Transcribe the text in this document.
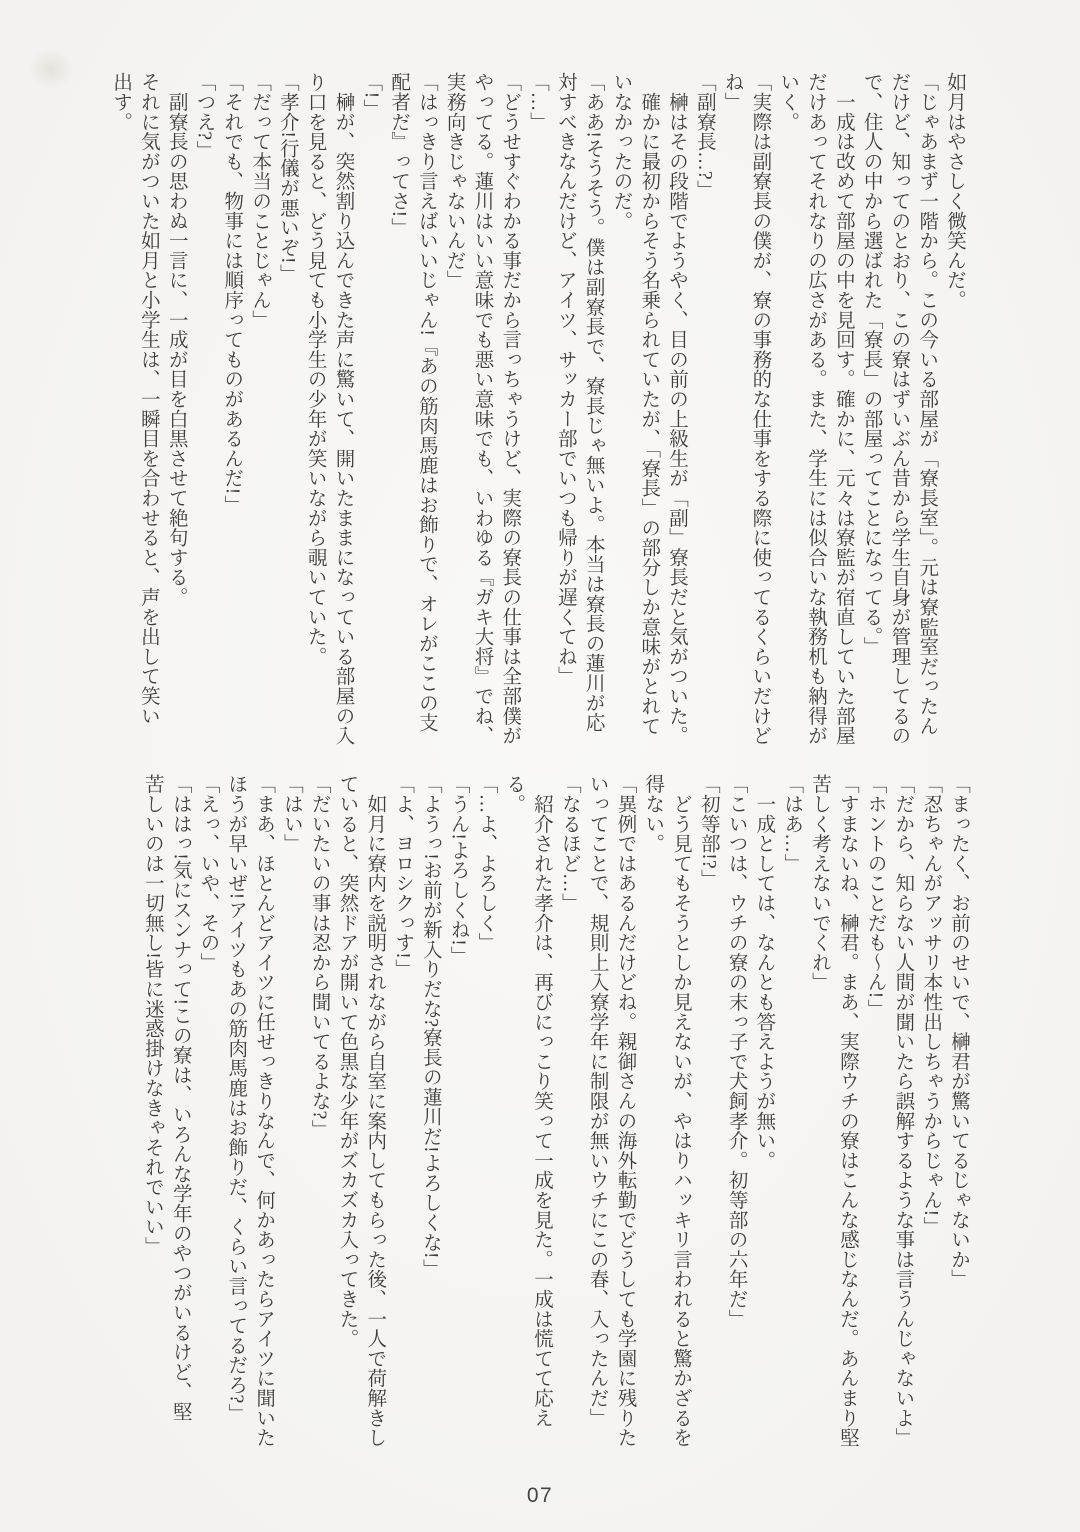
如月はやさしく微笑んだ。
「じゃあまず一階から。この今いる部屋が「寮長室」。元は寮監室だったん
だけど、知ってのとおり、この寮はずいぶん昔から学生自身が管理してるの
で、住人の中から選ばれた「寮長」の部屋ってことになってる。」
　一成は改めて部屋の中を見回す。確かに、元々は寮監が宿直していた部屋
だけあってそれなりの広さがある。また、学生には似合いな執務机も納得が
いく。
「実際は副寮長の僕が、寮の事務的な仕事をする際に使ってるくらいだけど
ね」
「副寮長…?」
　榊はその段階でようやく、目の前の上級生が「副」寮長だと気がついた。
　確かに最初からそう名乗られていたが、「寮長」の部分しか意味がとれて
いなかったのだ。
「ああ!そうそう。僕は副寮長で、寮長じゃ無いよ。本当は寮長の蓮川が応
対すべきなんだけど、アイツ、サッカー部でいつも帰りが遅くてね」
「…」
「どうせすぐわかる事だから言っちゃうけど、実際の寮長の仕事は全部僕が
やってる。蓮川はいい意味でも悪い意味でも、いわゆる『ガキ大将』でね、
実務向きじゃないんだ」
「はっきり言えばいいじゃん!『あの筋肉馬鹿はお飾りで、オレがここの支
配者だ』ってさ!」
「!」
　榊が、突然割り込んできた声に驚いて、開いたままになっている部屋の入
り口を見ると、どう見ても小学生の少年が笑いながら覗いていた。
「孝介!行儀が悪いぞ!」
「だって本当のことじゃん」
「それでも、物事には順序ってものがあるんだ!」
「つえ?」
　副寮長の思わぬ一言に、一成が目を白黒させて絶句する。
それに気がついた如月と小学生は、一瞬目を合わせると、声を出して笑い
出す。
「まったく、お前のせいで、榊君が驚いてるじゃないか」
「忍ちゃんがアッサリ本性出しちゃうからじゃん!」
「だから、知らない人間が聞いたら誤解するような事は言うんじゃないよ」
「ホントのことだも〜ん!」
「すまないね、榊君。まあ、実際ウチの寮はこんな感じなんだ。あんまり堅
苦しく考えないでくれ」
「はあ…」
　一成としては、なんとも答えようが無い。
「こいつは、ウチの寮の末っ子で犬飼孝介。初等部の六年だ」
「初等部!?」
　どう見てもそうとしか見えないが、やはりハッキリ言われると驚かざるを
得ない。
「異例ではあるんだけどね。親御さんの海外転勤でどうしても学園に残りた
いってことで、規則上入寮学年に制限が無いウチにこの春、入ったんだ」
「なるほど…」
　紹介された孝介は、再びにっこり笑って一成を見た。一成は慌てて応え
る。
「…よ、よろしく」
「うん!よろしくね!」
「ようっ!お前が新入りだな?寮長の蓮川だ!よろしくな!」
「よ、ヨロシクっす!」
　如月に寮内を説明されながら自室に案内してもらった後、一人で荷解きし
ていると、突然ドアが開いて色黒な少年がズカズカ入ってきた。
「だいたいの事は忍から聞いてるよな?」
「はい」
「まあ、ほとんどアイツに任せっきりなんで、何かあったらアイツに聞いた
ほうが早いぜ!アイツもあの筋肉馬鹿はお飾りだ、くらい言ってるだろ?」
「えっ、いや、その」
「ははっ!気にスンナって!この寮は、いろんな学年のやつがいるけど、堅
苦しいのは一切無し!皆に迷惑掛けなきゃそれでいい」
07
